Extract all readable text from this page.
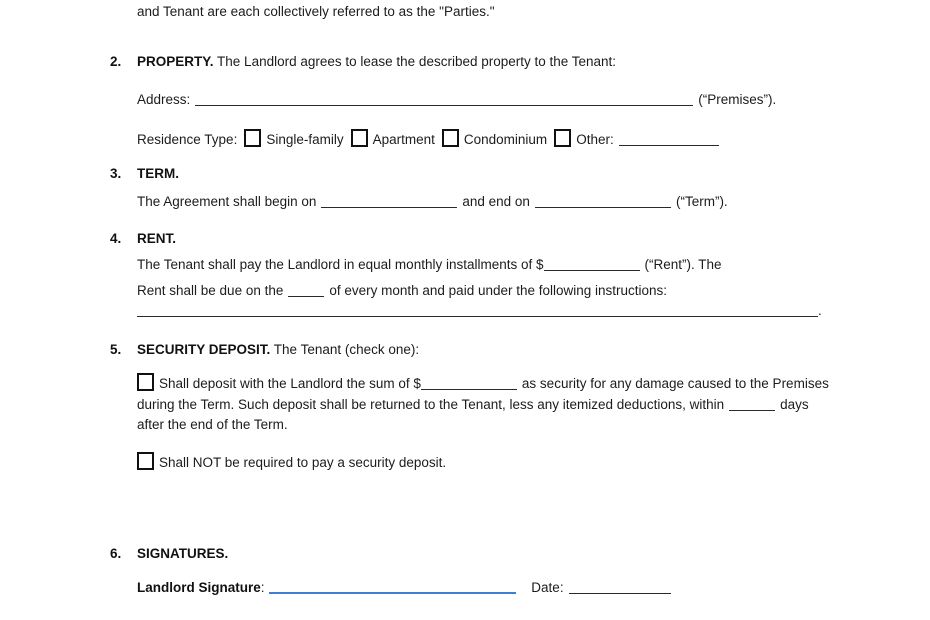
and Tenant are each collectively referred to as the "Parties."
2. PROPERTY. The Landlord agrees to lease the described property to the Tenant:
Address:	(“Premises”).
Residence Type: Single-family Apartment Condominium Other:
3. TERM.
The Agreement shall begin on	and end on	(“Term”).
4. RENT.
The Tenant shall pay the Landlord in equal monthly installments of $	(“Rent”). The
Rent shall be due on the	of every month and paid under the following instructions:
.
5. SECURITY DEPOSIT. The Tenant (check one):
Shall deposit with the Landlord the sum of $	as security for any damage caused to the Premises during the Term. Such deposit shall be returned to the Tenant, less any itemized deductions, within	days after the end of the Term.
Shall NOT be required to pay a security deposit.
6. SIGNATURES.
Landlord Signature:	Date:
